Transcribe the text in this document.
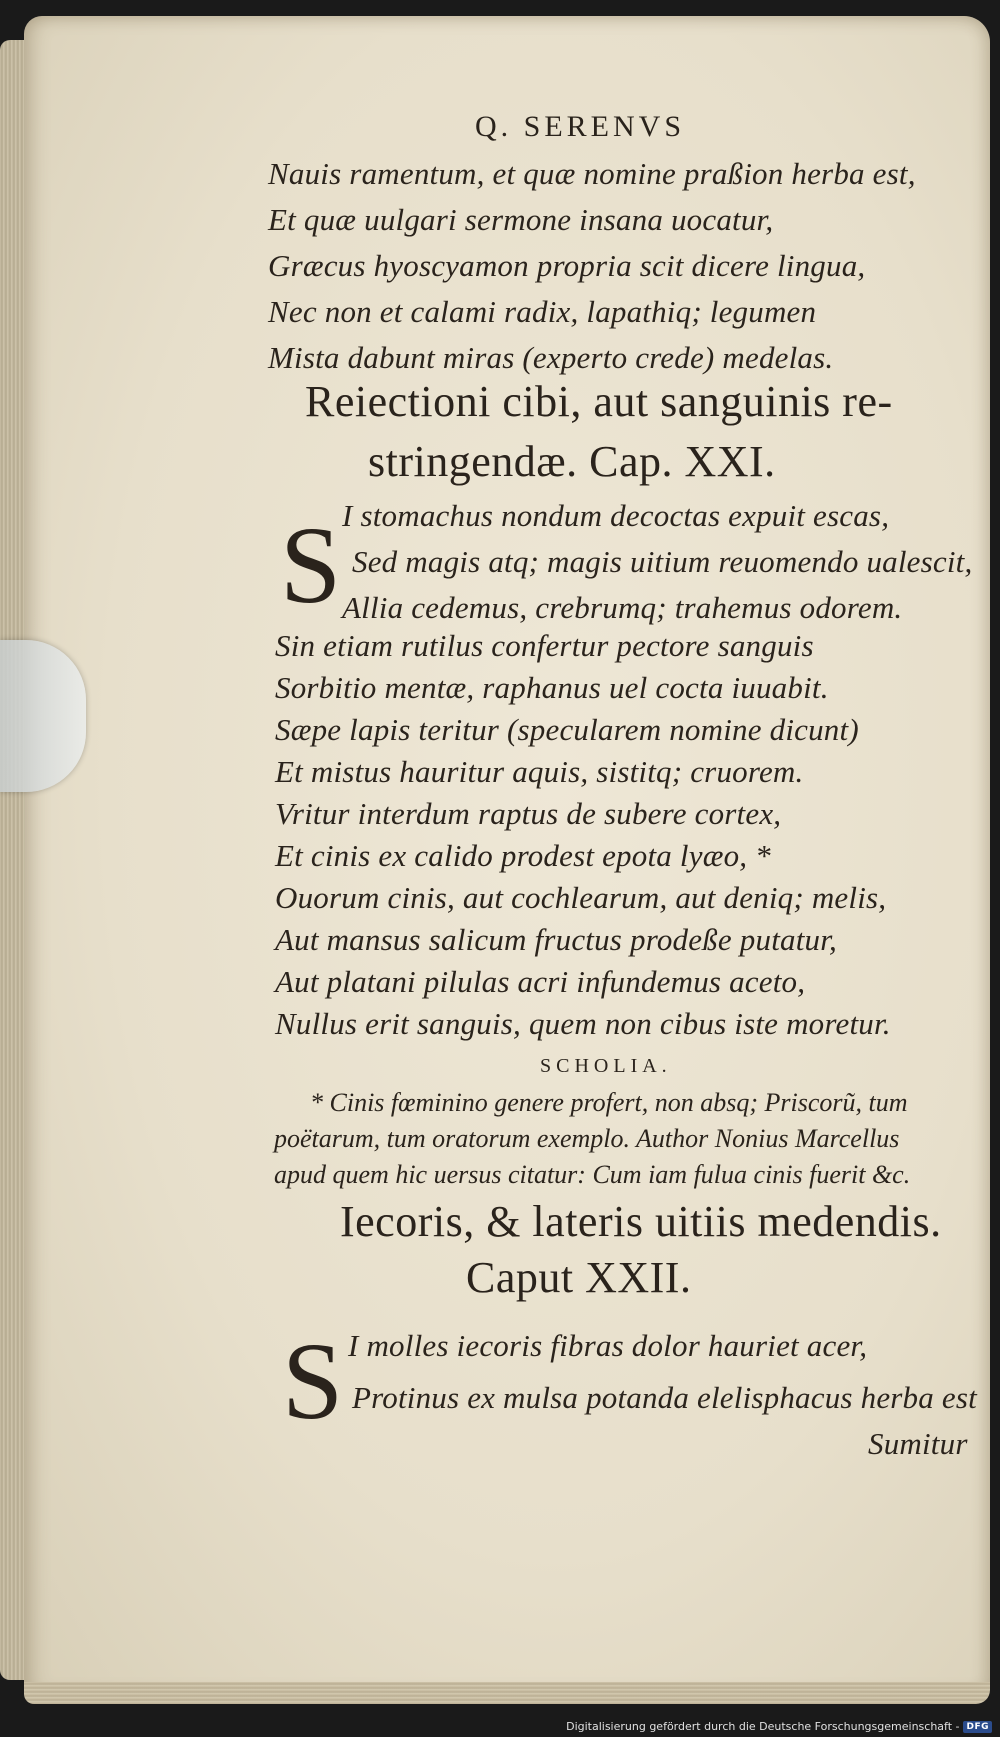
Q. SERENVS
Nauis ramentum, et quæ nomine praßion herba est,
Et quæ uulgari sermone insana uocatur,
Græcus hyoscyamon propria scit dicere lingua,
Nec non et calami radix, lapathiq; legumen
Mista dabunt miras (experto crede) medelas.
Reiectioni cibi, aut sanguinis re-
stringendæ. Cap. XXI.
S I stomachus nondum decoctas expuit escas,
Sed magis atq; magis uitium reuomendo ualescit,
Allia cedemus, crebrumq; trahemus odorem.
Sin etiam rutilus confertur pectore sanguis
Sorbitio mentæ, raphanus uel cocta iuuabit.
Sæpe lapis teritur (specularem nomine dicunt)
Et mistus hauritur aquis, sistitq; cruorem.
Vritur interdum raptus de subere cortex,
Et cinis ex calido prodest epota lyæo, *
Ouorum cinis, aut cochlearum, aut deniq; melis,
Aut mansus salicum fructus prodeße putatur,
Aut platani pilulas acri infundemus aceto,
SCHOLIA.
* Cinis fœminino genere profert, non absq; Priscorũ, tum
poëtarum, tum oratorum exemplo. Author Nonius Marcellus
apud quem hic uersus citatur: Cum iam fulua cinis fuerit &c.
Iecoris, & lateris uitiis medendis.
Caput XXII.
S I molles iecoris fibras dolor hauriet acer,
Protinus ex mulsa potanda elelisphacus herba est
Sumitur
Digitalisierung gefördert durch die Deutsche Forschungsgemeinschaft - DFG
Nullus erit sanguis, quem non cibus iste moretur.
